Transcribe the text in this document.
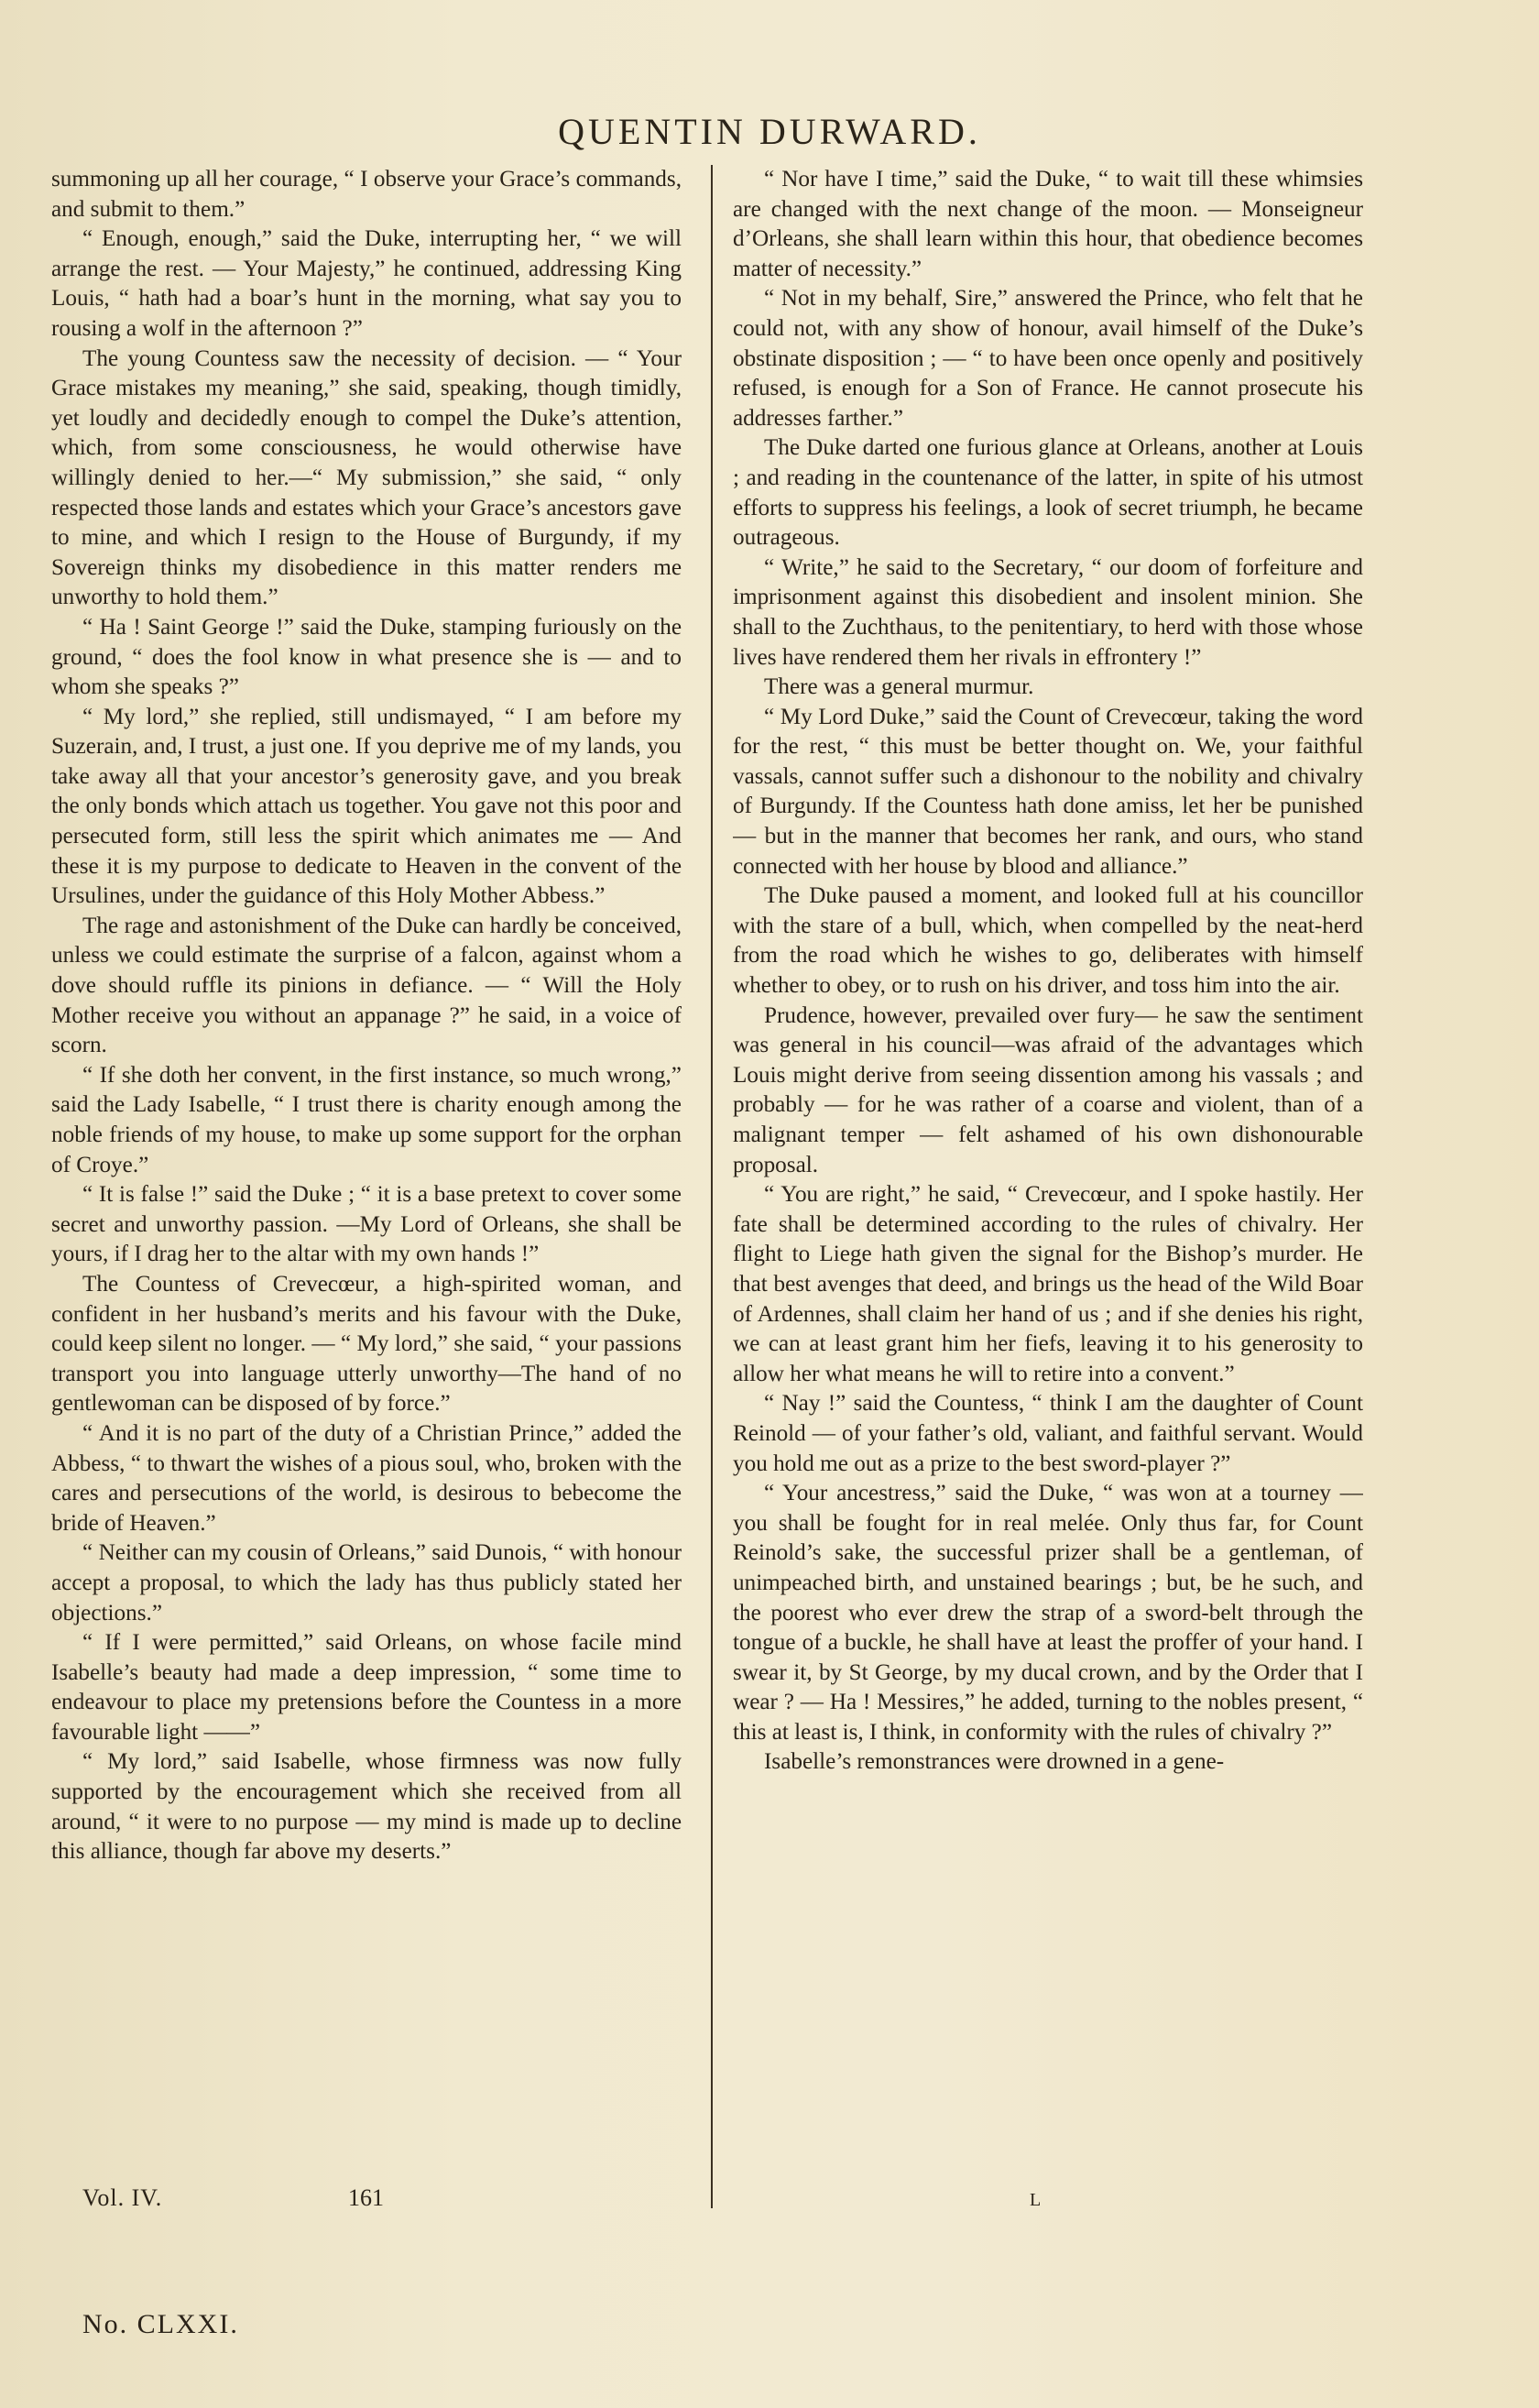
QUENTIN DURWARD.

summoning up all her courage, “ I observe your Grace’s commands, and submit to them.”

“ Enough, enough,” said the Duke, interrupting her, “ we will arrange the rest. — Your Majesty,” he continued, addressing King Louis, “ hath had a boar’s hunt in the morning, what say you to rousing a wolf in the afternoon ?”

The young Countess saw the necessity of decision. — “ Your Grace mistakes my meaning,” she said, speaking, though timidly, yet loudly and decidedly enough to compel the Duke’s attention, which, from some consciousness, he would otherwise have willingly denied to her.—“ My submission,” she said, “ only respected those lands and estates which your Grace’s ancestors gave to mine, and which I resign to the House of Burgundy, if my Sovereign thinks my disobedience in this matter renders me unworthy to hold them.”

“ Ha ! Saint George !” said the Duke, stamping furiously on the ground, “ does the fool know in what presence she is — and to whom she speaks ?”

“ My lord,” she replied, still undismayed, “ I am before my Suzerain, and, I trust, a just one. If you deprive me of my lands, you take away all that your ancestor’s generosity gave, and you break the only bonds which attach us together. You gave not this poor and persecuted form, still less the spirit which animates me — And these it is my purpose to dedicate to Heaven in the convent of the Ursulines, under the guidance of this Holy Mother Abbess.”

The rage and astonishment of the Duke can hardly be conceived, unless we could estimate the surprise of a falcon, against whom a dove should ruffle its pinions in defiance. — “ Will the Holy Mother receive you without an appanage ?” he said, in a voice of scorn.

“ If she doth her convent, in the first instance, so much wrong,” said the Lady Isabelle, “ I trust there is charity enough among the noble friends of my house, to make up some support for the orphan of Croye.”

“ It is false !” said the Duke ; “ it is a base pretext to cover some secret and unworthy passion. —My Lord of Orleans, she shall be yours, if I drag her to the altar with my own hands !”

The Countess of Crevecœur, a high-spirited woman, and confident in her husband’s merits and his favour with the Duke, could keep silent no longer. — “ My lord,” she said, “ your passions transport you into language utterly unworthy—The hand of no gentlewoman can be disposed of by force.”

“ And it is no part of the duty of a Christian Prince,” added the Abbess, “ to thwart the wishes of a pious soul, who, broken with the cares and persecutions of the world, is desirous to bebecome the bride of Heaven.”

“ Neither can my cousin of Orleans,” said Dunois, “ with honour accept a proposal, to which the lady has thus publicly stated her objections.”

“ If I were permitted,” said Orleans, on whose facile mind Isabelle’s beauty had made a deep impression, “ some time to endeavour to place my pretensions before the Countess in a more favourable light ——”

“ My lord,” said Isabelle, whose firmness was now fully supported by the encouragement which she received from all around, “ it were to no purpose — my mind is made up to decline this alliance, though far above my deserts.”

“ Nor have I time,” said the Duke, “ to wait till these whimsies are changed with the next change of the moon. — Monseigneur d’Orleans, she shall learn within this hour, that obedience becomes matter of necessity.”

“ Not in my behalf, Sire,” answered the Prince, who felt that he could not, with any show of honour, avail himself of the Duke’s obstinate disposition ; — “ to have been once openly and positively refused, is enough for a Son of France. He cannot prosecute his addresses farther.”

The Duke darted one furious glance at Orleans, another at Louis ; and reading in the countenance of the latter, in spite of his utmost efforts to suppress his feelings, a look of secret triumph, he became outrageous.

“ Write,” he said to the Secretary, “ our doom of forfeiture and imprisonment against this disobedient and insolent minion. She shall to the Zuchthaus, to the penitentiary, to herd with those whose lives have rendered them her rivals in effrontery !”

There was a general murmur.

“ My Lord Duke,” said the Count of Crevecœur, taking the word for the rest, “ this must be better thought on. We, your faithful vassals, cannot suffer such a dishonour to the nobility and chivalry of Burgundy. If the Countess hath done amiss, let her be punished — but in the manner that becomes her rank, and ours, who stand connected with her house by blood and alliance.”

The Duke paused a moment, and looked full at his councillor with the stare of a bull, which, when compelled by the neat-herd from the road which he wishes to go, deliberates with himself whether to obey, or to rush on his driver, and toss him into the air.

Prudence, however, prevailed over fury— he saw the sentiment was general in his council—was afraid of the advantages which Louis might derive from seeing dissention among his vassals ; and probably — for he was rather of a coarse and violent, than of a malignant temper — felt ashamed of his own dishonourable proposal.

“ You are right,” he said, “ Crevecœur, and I spoke hastily. Her fate shall be determined according to the rules of chivalry. Her flight to Liege hath given the signal for the Bishop’s murder. He that best avenges that deed, and brings us the head of the Wild Boar of Ardennes, shall claim her hand of us ; and if she denies his right, we can at least grant him her fiefs, leaving it to his generosity to allow her what means he will to retire into a convent.”

“ Nay !” said the Countess, “ think I am the daughter of Count Reinold — of your father’s old, valiant, and faithful servant. Would you hold me out as a prize to the best sword-player ?”

“ Your ancestress,” said the Duke, “ was won at a tourney — you shall be fought for in real melée. Only thus far, for Count Reinold’s sake, the successful prizer shall be a gentleman, of unimpeached birth, and unstained bearings ; but, be he such, and the poorest who ever drew the strap of a sword-belt through the tongue of a buckle, he shall have at least the proffer of your hand. I swear it, by St George, by my ducal crown, and by the Order that I wear ? — Ha ! Messires,” he added, turning to the nobles present, “ this at least is, I think, in conformity with the rules of chivalry ?”

Isabelle’s remonstrances were drowned in a gene-

Vol. IV.	161	L
No. CLXXI.
